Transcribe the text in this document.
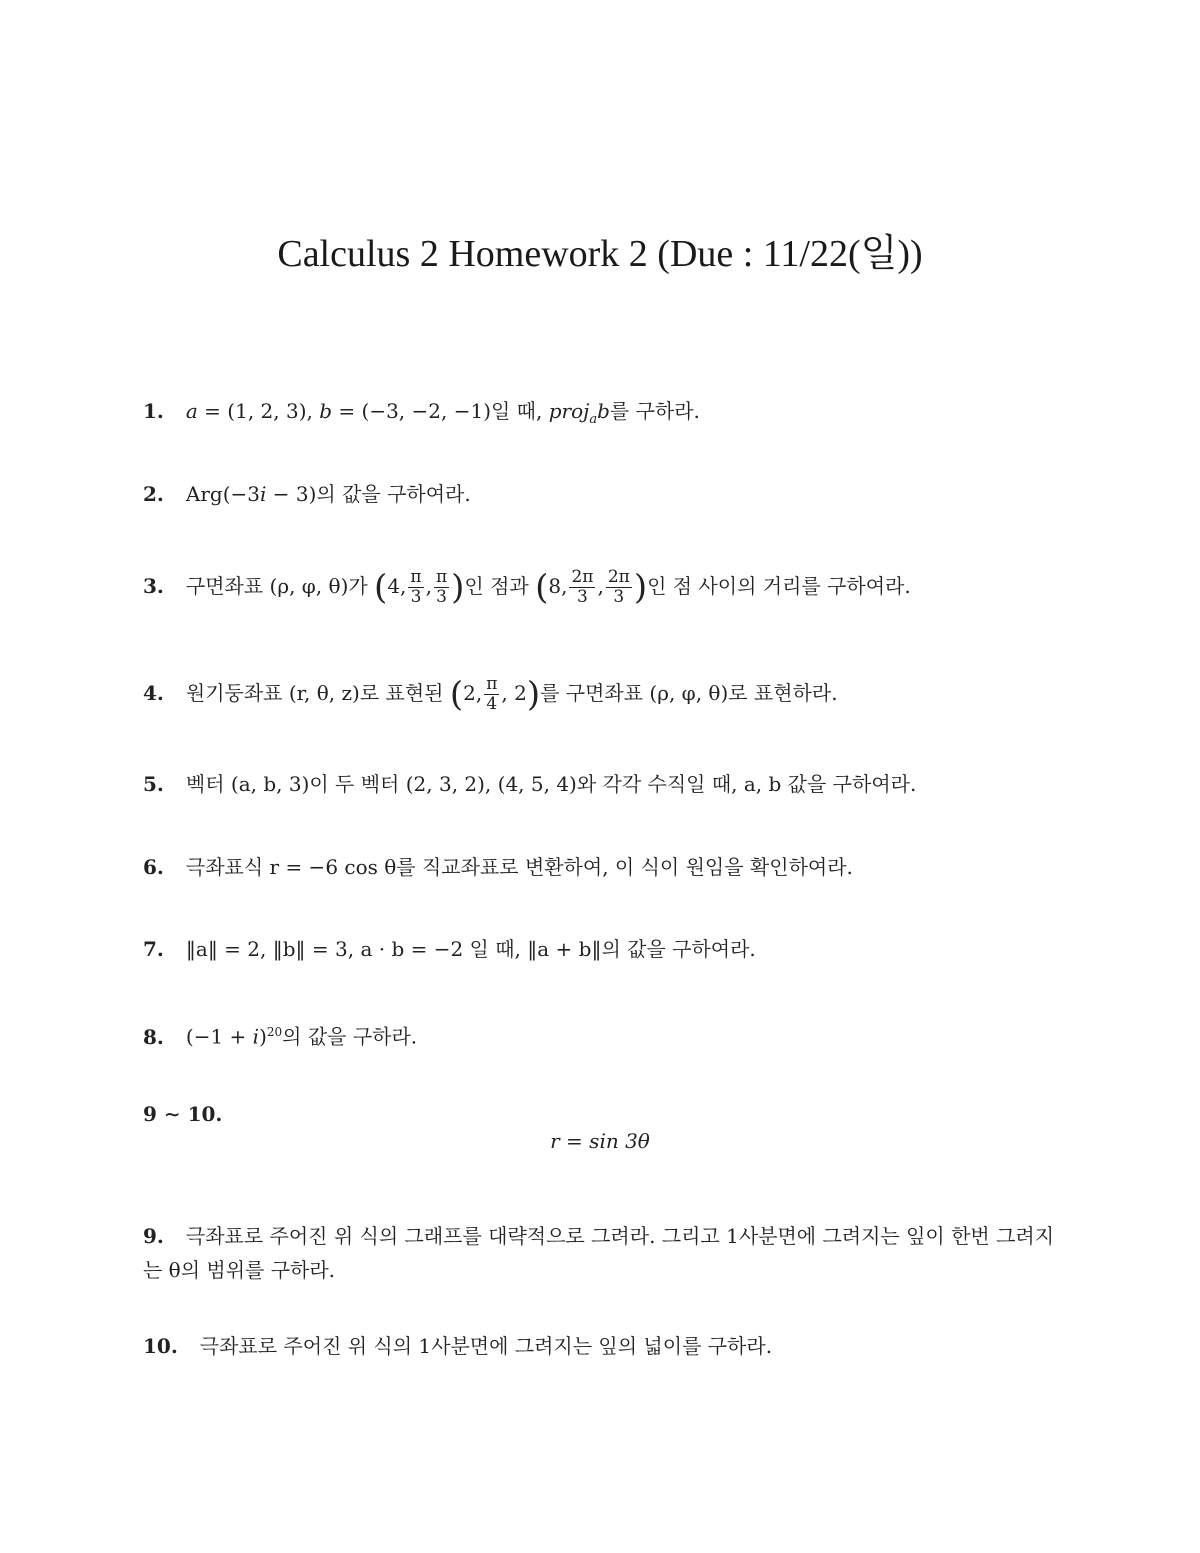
Calculus 2 Homework 2 (Due : 11/22(일))
1. a = (1, 2, 3), b = (−3, −2, −1)일 때, proj$_a$b를 구하라.
2. Arg(−3i − 3)의 값을 구하여라.
3. 구면좌표 (ρ, φ, θ)가 (4, $\frac{\pi}{3}$ , $\frac{\pi}{3}$ )인 점과 (8, $\frac{2\pi}{3}$ , $\frac{2\pi}{3}$ )인 점 사이의 거리를 구하여라.
4. 원기둥좌표 (r, θ, z)로 표현된 (2, $\frac{\pi}{4}$ , 2)를 구면좌표 (ρ, φ, θ)로 표현하라.
5. 벡터 (a, b, 3)이 두 벡터 (2, 3, 2), (4, 5, 4)와 각각 수직일 때, a, b 값을 구하여라.
6. 극좌표식 r = −6 cos θ를 직교좌표로 변환하여, 이 식이 원임을 확인하여라.
7. ‖a‖ = 2, ‖b‖ = 3, a · b = −2 일 때, ‖a + b‖의 값을 구하여라.
8. $(-1 + i)^{20}$의 값을 구하라.
9 ∼ 10.
r = sin 3θ
9. 극좌표로 주어진 위 식의 그래프를 대략적으로 그려라. 그리고 1사분면에 그려지는 잎이 한번 그려지는 θ의 범위를 구하라.
10. 극좌표로 주어진 위 식의 1사분면에 그려지는 잎의 넓이를 구하라.
